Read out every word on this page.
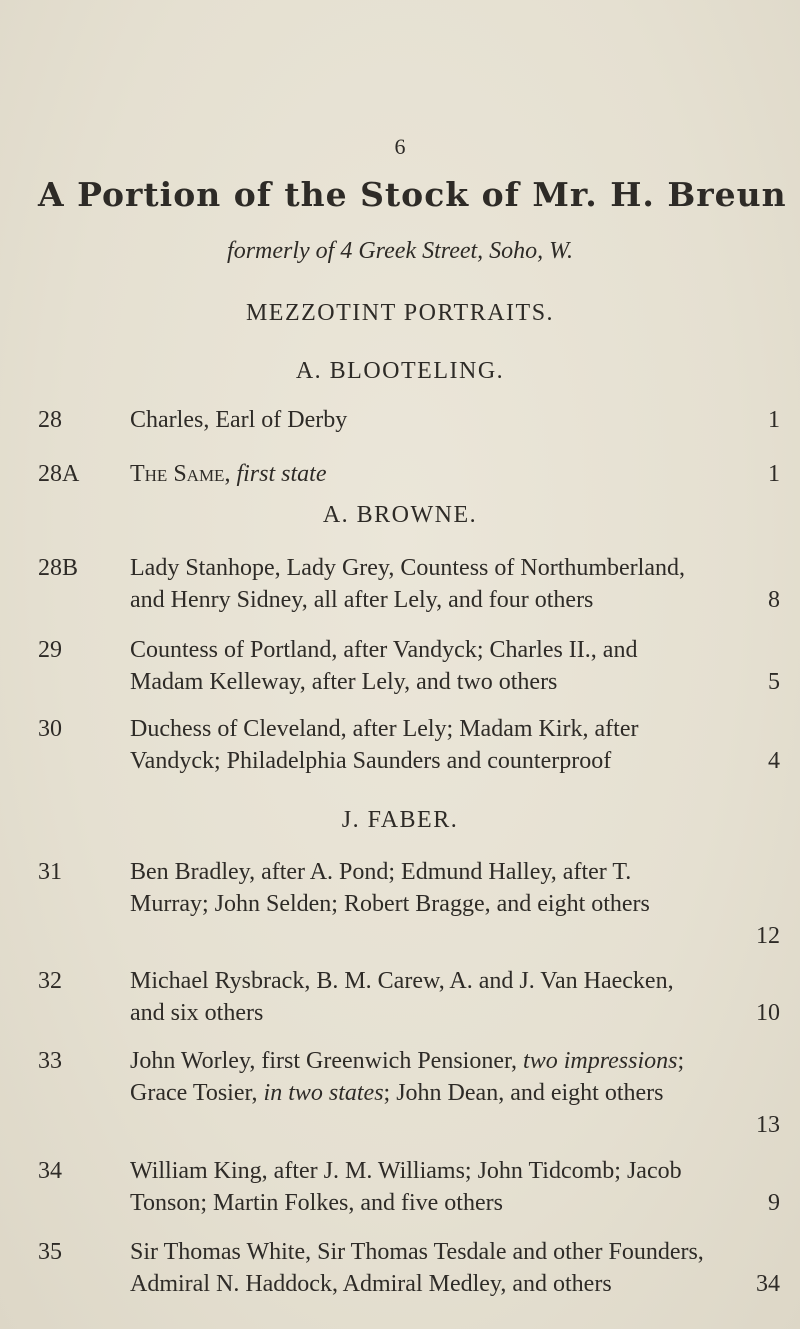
6
A Portion of the Stock of Mr. H. Breun
formerly of 4 Greek Street, Soho, W.
MEZZOTINT PORTRAITS.
A. BLOOTELING.
28	Charles, Earl of Derby	1
28A	The Same, first state	1
A. BROWNE.
28B	Lady Stanhope, Lady Grey, Countess of Northumberland,
and Henry Sidney, all after Lely, and four others	8
29	Countess of Portland, after Vandyck; Charles II., and
Madam Kelleway, after Lely, and two others	5
30	Duchess of Cleveland, after Lely; Madam Kirk, after
Vandyck; Philadelphia Saunders and counterproof	4
J. FABER.
31	Ben Bradley, after A. Pond; Edmund Halley, after T.
Murray; John Selden; Robert Bragge, and eight others
12
32	Michael Rysbrack, B. M. Carew, A. and J. Van Haecken,
and six others	10
33	John Worley, first Greenwich Pensioner, two impressions;
Grace Tosier, in two states; John Dean, and eight others
13
34	William King, after J. M. Williams; John Tidcomb; Jacob
Tonson; Martin Folkes, and five others	9
35	Sir Thomas White, Sir Thomas Tesdale and other Founders,
Admiral N. Haddock, Admiral Medley, and others	34
